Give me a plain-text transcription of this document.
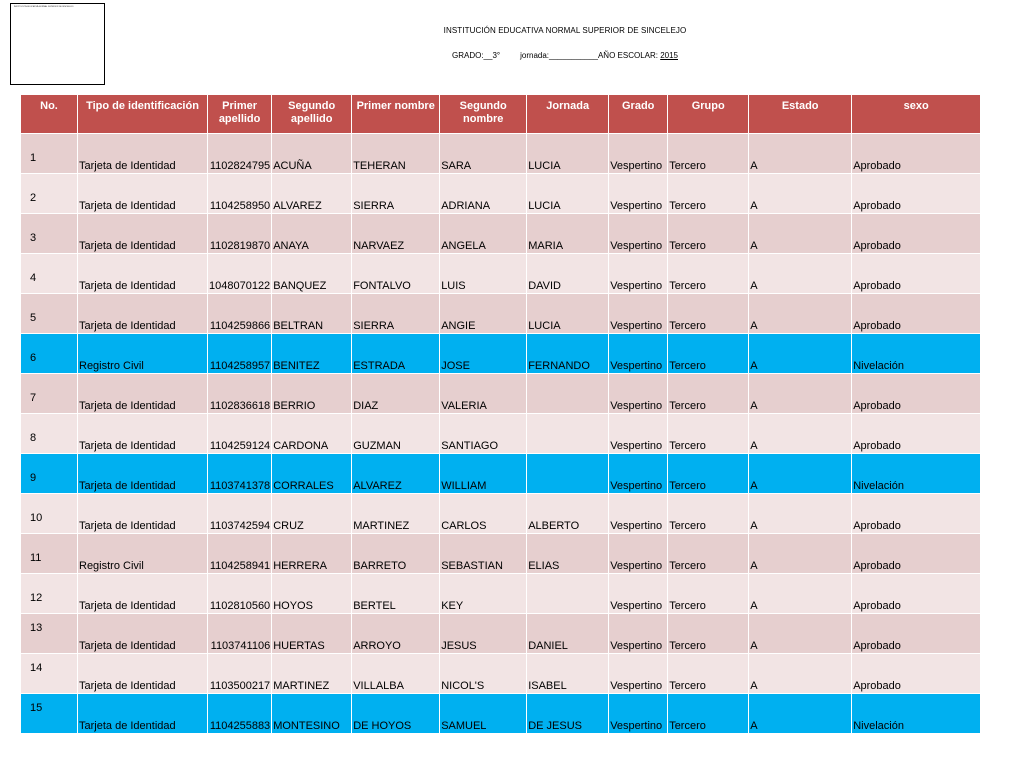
INSTITUCIÓN EDUCATIVA NORMAL SUPERIOR DE SINCELEJO
INSTITUCIÓN EDUCATIVA NORMAL SUPERIOR DE SINCELEJO
GRADO:__3°	jornada:___________AÑO ESCOLAR: 2015
No.	Tipo de identificación	Primer apellido	Segundo apellido	Primer nombre	Segundo nombre	Jornada	Grado	Grupo	Estado	sexo
1	Tarjeta de Identidad	1102824795	ACUÑA	TEHERAN	SARA	LUCIA	Vespertino	Tercero	A	Aprobado
2	Tarjeta de Identidad	1104258950	ALVAREZ	SIERRA	ADRIANA	LUCIA	Vespertino	Tercero	A	Aprobado
3	Tarjeta de Identidad	1102819870	ANAYA	NARVAEZ	ANGELA	MARIA	Vespertino	Tercero	A	Aprobado
4	Tarjeta de Identidad	1048070122	BANQUEZ	FONTALVO	LUIS	DAVID	Vespertino	Tercero	A	Aprobado
5	Tarjeta de Identidad	1104259866	BELTRAN	SIERRA	ANGIE	LUCIA	Vespertino	Tercero	A	Aprobado
6	Registro Civil	1104258957	BENITEZ	ESTRADA	JOSE	FERNANDO	Vespertino	Tercero	A	Nivelación
7	Tarjeta de Identidad	1102836618	BERRIO	DIAZ	VALERIA		Vespertino	Tercero	A	Aprobado
8	Tarjeta de Identidad	1104259124	CARDONA	GUZMAN	SANTIAGO		Vespertino	Tercero	A	Aprobado
9	Tarjeta de Identidad	1103741378	CORRALES	ALVAREZ	WILLIAM		Vespertino	Tercero	A	Nivelación
10	Tarjeta de Identidad	1103742594	CRUZ	MARTINEZ	CARLOS	ALBERTO	Vespertino	Tercero	A	Aprobado
11	Registro Civil	1104258941	HERRERA	BARRETO	SEBASTIAN	ELIAS	Vespertino	Tercero	A	Aprobado
12	Tarjeta de Identidad	1102810560	HOYOS	BERTEL	KEY		Vespertino	Tercero	A	Aprobado
13	Tarjeta de Identidad	1103741106	HUERTAS	ARROYO	JESUS	DANIEL	Vespertino	Tercero	A	Aprobado
14	Tarjeta de Identidad	1103500217	MARTINEZ	VILLALBA	NICOL'S	ISABEL	Vespertino	Tercero	A	Aprobado
15	Tarjeta de Identidad	1104255883	MONTESINO	DE HOYOS	SAMUEL	DE JESUS	Vespertino	Tercero	A	Nivelación
